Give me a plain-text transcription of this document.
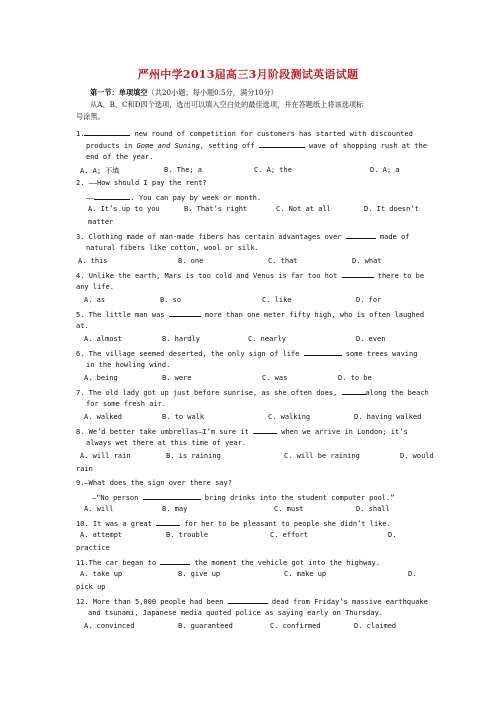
严州中学2013届高三3月阶段测试英语试题
第一节：单项填空（共20小题；每小题0.5分，满分10分）
从A、B、C和D四个选项，选出可以填入空白处的最佳选项，并在答题纸上将该选项标
号涂黑。
1.	new round of competition for customers has started with discounted
products in Gome and Suning, setting off	wave of shopping rush at the
end of the year.
A. A; 不填	B. The; a	C. A; the	D. A; a
2. ——How should I pay the rent?
——	. You can pay by week or month.
A. It’s up to you	B. That’s right	C. Not at all	D. It doesn’t
matter
3. Clothing made of man-made fibers has certain advantages over	made of
natural fibers like cotton, wool or silk.
A. this	B. one	C. that	D. what
4. Unlike the earth, Mars is too cold and Venus is far too hot	there to be
any life.
A. as	B. so	C. like	D. for
5. The little man was	more than one meter fifty high, who is often laughed
at.
A. almost	B. hardly	C. nearly	D. even
6. The village seemed deserted, the only sign of life	some trees waving
in the howling wind.
A. being	B. were	C. was	D. to be
7. The old lady got up just before sunrise, as she often does,	along the beach
for some fresh air.
A. walked	B. to walk	C. walking	D. having walked
8. We’d better take umbrellas—I’m sure it	when we arrive in London; it’s
always wet there at this time of year.
A. will rain	B. is raining	C. will be raining	D. would
rain
9.—What does the sign over there say?
—“No person	bring drinks into the student computer pool.”
A. will	B. may	C. must	D. shall
10. It was a great	for her to be pleasant to people she didn’t like.
A. attempt	B. trouble	C. effort	D.
practice
11.The car began to	the moment the vehicle got into the highway.
A. take up	B. give up	C. make up	D.
pick up
12. More than 5,000 people had been	dead from Friday’s massive earthquake
and tsunami, Japanese media quoted police as saying early on Thursday.
A. convinced	B. guaranteed	C. confirmed	D. claimed
